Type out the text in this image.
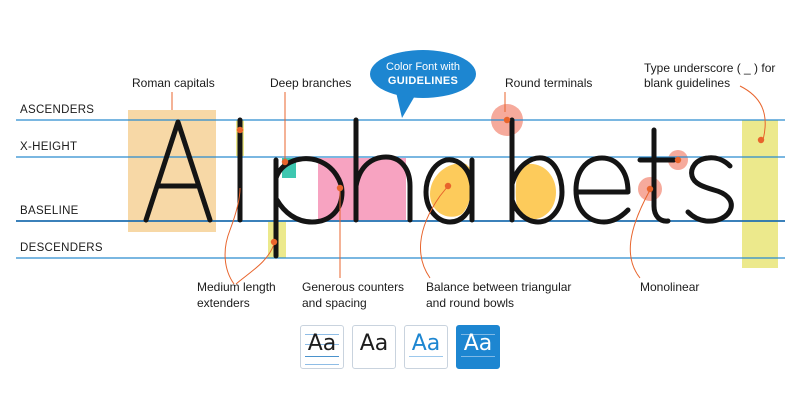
ASCENDERS
X-HEIGHT
BASELINE
DESCENDERS
Color Font with
GUIDELINES
Roman capitals	Deep branches	Round terminals
Type underscore ( _ ) for
blank guidelines
Medium length
extenders
Generous counters
and spacing
Balance between triangular
and round bowls
Monolinear
Aa	Aa	Aa	Aa
